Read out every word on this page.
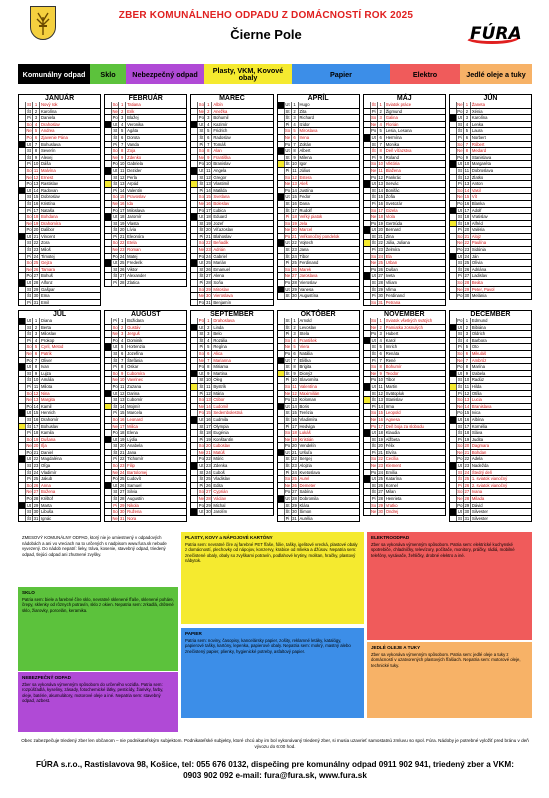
ZBER KOMUNÁLNEHO ODPADU Z DOMÁCNOSTÍ ROK 2025
Čierne Pole	FÚRA
Komunálny odpad	Sklo	Nebezpečný odpad	Plasty, VKM, Kovové obaly	Papier	Elektro	Jedlé oleje a tuky
JANUÁR
St 1 Nový rok
Št 2 Karolína
Pi 3 Daniela
So 4 Drahoslav
Ne 5 Andrea
Po 6 Zjavenie Pána
Ut 7 Bohuslava
St 8 Severín
Št 9 Alexej
Pi 10 Dáša
So 11 Malvína
Ne 12 Ernest
Po 13 Rastislav
Ut 14 Radovan
St 15 Dobroslav
Št 16 Kristína
Pi 17 Nataša
So 18 Bohdana
Ne 19 Drahomíra
Po 20 Dalibor
Ut 21 Vincent
St 22 Zora
Št 23 Miloš
Pi 24 Timotej
So 25 Gejza
Ne 26 Tamara
Po 27 Bohuš
Ut 28 Alfonz
St 29 Gašpar
Št 30 Ema
Pi 31 Emil
FEBRUÁR
So 1 Tatiana
Ne 2 Erik
Po 3 Blažej
Ut 4 Veronika
St 5 Agáta
Št 6 Dorota
Pi 7 Vanda
So 8 Zoja
Ne 9 Zdenko
Po 10 Gabriela
Ut 11 Dezider
St 12 Perla
Št 13 Arpád
Pi 14 Valentín
So 15 Pravoslav
Ne 16 Ida
Po 17 Miloslava
Ut 18 Jaromír
St 19 Vlasta
Št 20 Lívia
Pi 21 Eleonóra
So 22 Etela
Ne 23 Roman
Po 24 Matej
Ut 25 Frederik
St 26 Viktor
Št 27 Alexander
Pi 28 Zlatica
MAREC
So 1 Albín
Ne 2 Anežka
Po 3 Bohumil
Ut 4 Kazimír
St 5 Fridrich
Št 6 Radoslav
Pi 7 Tomáš
So 8 Alan
Ne 9 Františka
Po 10 Branislav
Ut 11 Angela
St 12 Gregor
Št 13 Vlastimil
Pi 14 Matilda
So 15 Svetlana
Ne 16 Boleslav
Po 17 Ľubica
Ut 18 Eduard
St 19 Jozef
Št 20 Víťazoslav
Pi 21 Blahoslav
So 22 Beňadik
Ne 23 Adrián
Po 24 Gabriel
Ut 25 Marián
St 26 Emanuel
Št 27 Alena
Pi 28 Soňa
So 29 Miroslav
Ne 30 Vieroslava
Po 31 Benjamín
APRÍL
Ut 1 Hugo
St 2 Zita
Št 3 Richard
Pi 4 Izidor
So 5 Miroslava
Ne 6 Irena
Po 7 Zoltán
Ut 8 Albert
St 9 Milena
Št 10 Igor
Pi 11 Július
So 12 Estera
Ne 13 Aleš
Po 14 Justína
Ut 15 Fedor
St 16 Dana
Št 17 Rudolf
Pi 18 Veľký piatok
So 19 Jela
Ne 20 Marcel
Po 21 Veľkonočný pondelok
Ut 22 Vojtech
St 23 Jana
Št 24 Tibor
Pi 25 Ferdinand
So 26 Marek
Ne 27 Jaroslava
Po 28 Vieroslav
Ut 29 Vanesa
St 30 Augustína
MÁJ
Št 1 Sviatok práce
Pi 2 Žigmund
So 3 Galina
Ne 4 Florián
Po 5 Lesia, Lesana
Ut 6 Hermína
St 7 Monika
Št 8 Deň víťazstva
Pi 9 Roland
So 10 Viktória
Ne 11 Blažena
Po 12 Pankrác
Ut 13 Servác
St 14 Bonifác
Št 15 Žofia
Pi 16 Svetozár
So 17 Gizela
Ne 18 Viola
Po 19 Gertrúda
Ut 20 Bernard
St 21 Zina
Št 22 Júlia, Juliana
Pi 23 Želmíra
So 24 Ela
Ne 25 Urban
Po 26 Dušan
Ut 27 Iveta
St 28 Viliam
Št 29 Vilma
Pi 30 Ferdinand
So 31 Petrana
JÚN
Ne 1 Žaneta
Po 2 Xénia
Ut 3 Karolína
St 4 Lenka
Št 5 Laura
Pi 6 Norbert
So 7 Róbert
Ne 8 Medard
Po 9 Stanislava
Ut 10 Margaréta
St 11 Dobroslava
Št 12 Zlatko
Pi 13 Anton
So 14 Vasil
Ne 15 Vít
Po 16 Blanka
Ut 17 Adolf
St 18 Vratislav
Št 19 Alfréd
Pi 20 Valéria
So 21 Alojz
Ne 22 Paulína
Po 23 Sidónia
Ut 24 Ján
St 25 Olívia
Št 26 Adriána
Pi 27 Ladislav
So 28 Beáta
Ne 29 Peter, Pavol
Po 30 Melánia
JÚL
Ut 1 Diana
St 2 Berta
Št 3 Miloslav
Pi 4 Prokop
So 5 Cyril, Metod
Ne 6 Patrik
Po 7 Oliver
Ut 8 Ivan
St 9 Lujza
Št 10 Amália
Pi 11 Milota
So 12 Nina
Ne 13 Margita
Po 14 Kamil
Ut 15 Henrich
St 16 Drahomír
Št 17 Bohuslav
Pi 18 Kamila
So 19 Dušana
Ne 20 Iľja
Po 21 Daniel
Ut 22 Magdaléna
St 23 Oľga
Št 24 Vladimír
Pi 25 Jakub
So 26 Anna
Ne 27 Božena
Po 28 Krištof
Ut 29 Marta
St 30 Libuša
Št 31 Ignác
AUGUST
Pi 1 Božidara
So 2 Gustáv
Ne 3 Jerguš
Po 4 Dominik
Ut 5 Hortenzia
St 6 Jozefína
Št 7 Štefánia
Pi 8 Oskar
So 9 Ľubomíra
Ne 10 Vavrinec
Po 11 Zuzana
Ut 12 Darina
St 13 Ľubomír
Št 14 Mojmír
Pi 15 Marcela
So 16 Leonard
Ne 17 Milica
Po 18 Elena
Ut 19 Lýdia
St 20 Anabela
Št 21 Jana
Pi 22 Tichomír
So 23 Filip
Ne 24 Bartolomej
Po 25 Ľudovít
Ut 26 Samuel
St 27 Silvia
Št 28 Augustín
Pi 29 Nikola
So 30 Ružena
Ne 31 Nora
SEPTEMBER
Po 1 Drahoslava
Ut 2 Linda
St 3 Belo
Št 4 Rozália
Pi 5 Regína
So 6 Alica
Ne 7 Marianna
Po 8 Miriama
Ut 9 Martina
St 10 Oleg
Št 11 Bystrík
Pi 12 Mária
So 13 Ctibor
Ne 14 Ľudomil
Po 15 Sedembolestná
Ut 16 Ľudmila
St 17 Olympia
Št 18 Eugénia
Pi 19 Konštantín
So 20 Ľuboslav
Ne 21 Matúš
Po 22 Móric
Ut 23 Zdenka
St 24 Ľuboš
Št 25 Vladislav
Pi 26 Edita
So 27 Cyprián
Ne 28 Václav
Po 29 Michal
Ut 30 Jarolím
OKTÓBER
St 1 Arnold
Št 2 Levoslav
Pi 3 Stela
So 4 František
Ne 5 Viera
Po 6 Natália
Ut 7 Eliška
St 8 Brigita
Št 9 Dionýz
Pi 10 Slavomíra
So 11 Valentína
Ne 12 Maximilián
Po 13 Koloman
Ut 14 Boris
St 15 Terézia
Št 16 Vladimíra
Pi 17 Hedviga
So 18 Lukáš
Ne 19 Kristián
Po 20 Vendelín
Ut 21 Uršuľa
St 22 Sergej
Št 23 Alojzia
Pi 24 Kvetoslava
So 25 Aurel
Ne 26 Demeter
Po 27 Sabína
Ut 28 Dobromila
St 29 Klára
Št 30 Šimon
Pi 31 Aurélia
NOVEMBER
So 1 Sviatok všetkých svätých
Ne 2 Pamiatka zosnulých
Po 3 Hubert
Ut 4 Karol
St 5 Imrich
Št 6 Renáta
Pi 7 René
So 8 Bohumír
Ne 9 Teodor
Po 10 Tibor
Ut 11 Martin
St 12 Svätopluk
Št 13 Stanislav
Pi 14 Irma
So 15 Leopold
Ne 16 Agnesa
Po 17 Deň boja za slobodu
Ut 18 Klaudia
St 19 Alžbeta
Št 20 Félix
Pi 21 Elvíra
So 22 Cecília
Ne 23 Klement
Po 24 Emília
Ut 25 Katarína
St 26 Kornel
Št 27 Milan
Pi 28 Henrieta
So 29 Vratko
Ne 30 Ondrej
DECEMBER
Po 1 Edmund
Ut 2 Bibiána
St 3 Oldrich
Št 4 Barbora
Pi 5 Oto
So 6 Mikuláš
Ne 7 Ambróz
Po 8 Marína
Ut 9 Izabela
St 10 Radúz
Št 11 Hilda
Pi 12 Otília
So 13 Lucia
Ne 14 Branislava
Po 15 Ivica
Ut 16 Albína
St 17 Kornélia
Št 18 Sláva
Pi 19 Judita
So 20 Dagmara
Ne 21 Bohdan
Po 22 Adela
Ut 23 Nadežda
St 24 Štedrý deň
Št 25 1. sviatok vianočný
Pi 26 2. sviatok vianočný
So 27 Ivana
Ne 28 Milada
Po 29 Dávid
Ut 30 Silvester
St 31 Silvester

ZMESOVÝ KOMUNÁLNY ODPAD, ktorý nie je umiestnený v odpadových nádobách a ani vo vreciach na to určených s nadpisom www.fura.sk nebude vyvezený. Do nádob nepatrí: lieky, tráva, kosenie, stavebný odpad, triedený odpad, tlejúci odpad ani zhutnené zvyšky.

SKLO

Patria sem: biele a farebné číre sklo, nevratné sklenené fľaše, sklenené poháre, črepy, sklenky od rôznych potravín, sklo z okien. Nepatria sem: zrkadlá, drôtené sklo, žiarovky, porcelán, keramika.

NEBEZPEČNÝ ODPAD

Zber sa vykonáva výmenným spôsobom do určeného vozidla. Patria sem: rozpúšťadlá, kyseliny, zásady, fotochemické látky, pesticídy, žiarivky, farby, oleje, batérie, akumulátory, motorové oleje a iné. Nepatria sem: stavebný odpad, azbest.

PLASTY, KOVY a NÁPOJOVÉ KARTÓNY

Patria sem: nevratné číre aj farebné PET fľaše, fólie, tašky, igelitové vrecká, plastové obaly z domácností, plechovky od nápojov, konzervy, krabice od mlieka a džúsov. Nepatria sem: znečistené obaly, obaly so zvyškami potravín, podlahové krytiny, molitan, hračky, plastový nábytok.

PAPIER

Patria sem: noviny, časopisy, kancelársky papier, zošity, reklamné letáky, katalógy, papierové tašky, kartóny, lepenka, papierové obaly. Nepatria sem: mokrý, mastný alebo znečistený papier, plienky, hygienické potreby, asfaltový papier.

ELEKTROODPAD

Zber sa vykonáva výmenným spôsobom. Patria sem: elektrické kuchynské spotrebiče, chladničky, televízory, počítače, monitory, práčky, rádiá, mobilné telefóny, vysávače, žehličky, drobné elektro a iné.

JEDLÉ OLEJE A TUKY

Zber sa vykonáva výmenným spôsobom. Patria sem: jedlé oleje a tuky z domácností v uzatvorených plastových fľašiach. Nepatria sem: motorové oleje, technické tuky.

Obec zabezpečuje triedený zber len občanom – nie podnikateľským subjektom. Podnikateľské subjekty, ktoré chcú aby im bol vykonávaný triedený zber, si musia uzavrieť samostatnú zmluvu so spol. Fúra. Nádoby je potrebné vyložiť pred bránu v deň vývozu do 6:00 hod.
FÚRA s.r.o., Rastislavova 98, Košice, tel: 055 676 0132, dispečing pre komunálny odpad 0911 902 941, triedený zber a VKM:
0903 902 092 e-mail: fura@fura.sk, www.fura.sk
